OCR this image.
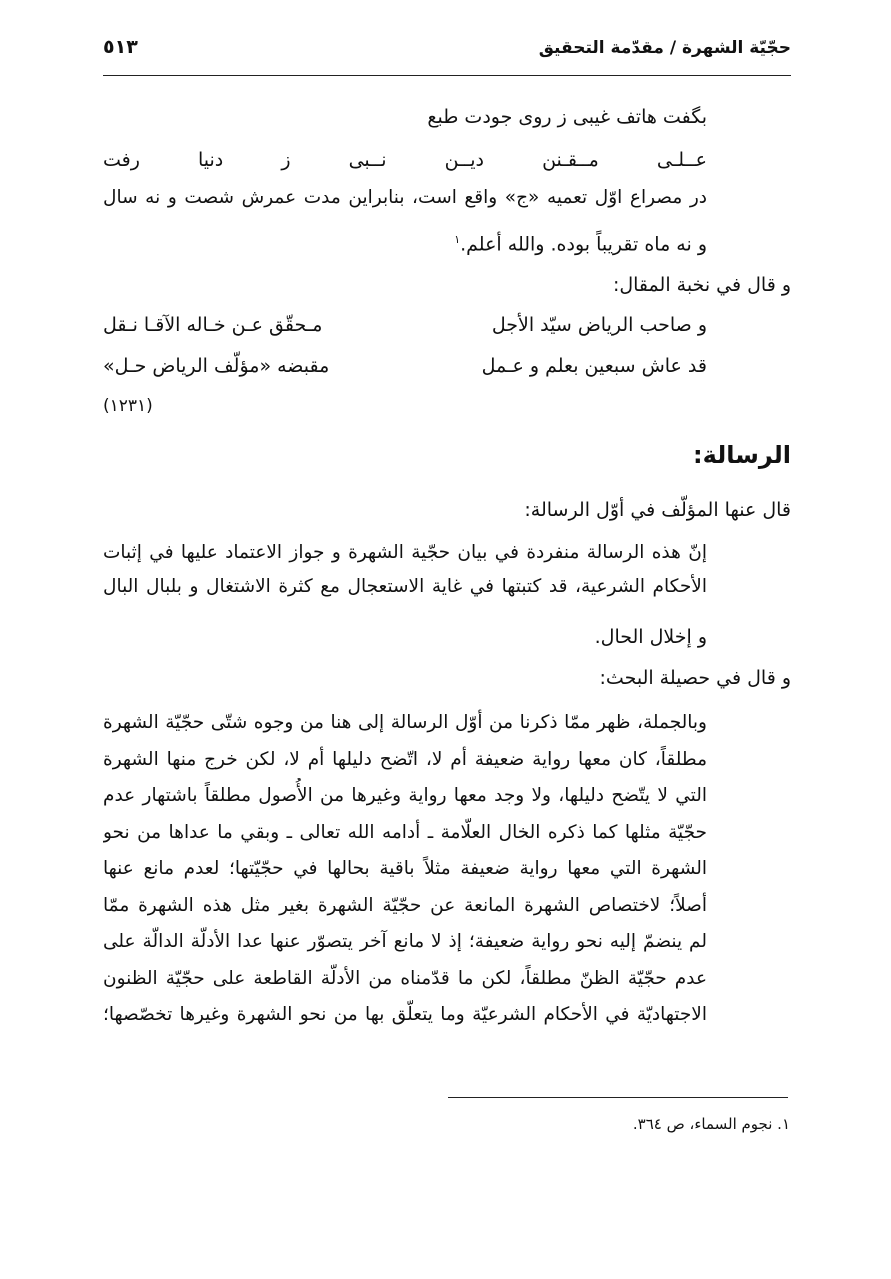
حجّيّة الشهرة / مقدّمة التحقيق
٥١٣
بگفت هاتف غیبی ز روی جودت طبع
عــلـی مــقـنن دیــن نــبی ز دنیا رفت
در مصراع اوّل تعمیه «ج» واقع است، بنابراین مدت عمرش شصت و نه سال
و نه ماه تقریباً بوده. والله أعلم.$^١$
و قال في نخبة المقال:
و صاحب الرياض سيّد الأجل
مـحقّق عـن خـاله الآقـا نـقل
قد عاش سبعين بعلم و عـمل
مقبضه «مؤلّف الرياض حـل»
(١٢٣١)
الرسالة:
قال عنها المؤلّف في أوّل الرسالة:
إنّ هذه الرسالة منفردة في بيان حجّية الشهرة و جواز الاعتماد عليها في إثبات
الأحكام الشرعية، قد كتبتها في غاية الاستعجال مع كثرة الاشتغال و بلبال البال
و إخلال الحال.
و قال في حصيلة البحث:
وبالجملة، ظهر ممّا ذكرنا من أوّل الرسالة إلى هنا من وجوه شتّى حجّيّة الشهرة
مطلقاً، كان معها رواية ضعيفة أم لا، اتّضح دليلها أم لا، لكن خرج منها الشهرة
التي لا يتّضح دليلها، ولا وجد معها رواية وغيرها من الأُصول مطلقاً باشتهار عدم
حجّيّة مثلها كما ذكره الخال العلّامة ـ أدامه الله تعالى ـ وبقي ما عداها من نحو
الشهرة التي معها رواية ضعيفة مثلاً باقية بحالها في حجّيّتها؛ لعدم مانع عنها
أصلاً؛ لاختصاص الشهرة المانعة عن حجّيّة الشهرة بغير مثل هذه الشهرة ممّا
لم ينضمّ إليه نحو رواية ضعيفة؛ إذ لا مانع آخر يتصوّر عنها عدا الأدلّة الدالّة على
عدم حجّيّة الظنّ مطلقاً، لكن ما قدّمناه من الأدلّة القاطعة على حجّيّة الظنون
الاجتهاديّة في الأحكام الشرعيّة وما يتعلّق بها من نحو الشهرة وغيرها تخصّصها؛
١. نجوم السماء، ص ٣٦٤.
